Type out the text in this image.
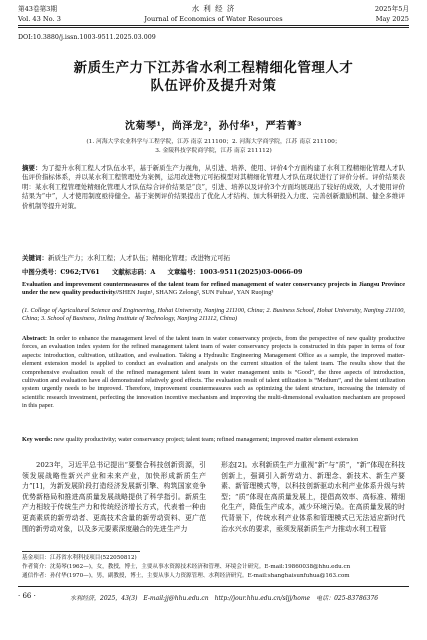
第43卷第3期	水 利 经 济	2025年5月
Vol. 43 No. 3	Journal of Economics of Water Resources	May 2025
DOI:10.3880/j.issn.1003-9511.2025.03.009
新质生产力下江苏省水利工程精细化管理人才
队伍评价及提升对策
沈菊琴¹，尚泽龙²，孙付华¹，严若菁³
(1. 河海大学农业科学与工程学院，江苏 南京 211100；2. 河海大学商学院，江苏 南京 211100；
3. 金陵科技学院商学院，江苏 南京 211112)
摘要：为了提升水利工程人才队伍水平，基于新质生产力视角，从引进、培养、使用、评价4个方面构建了水利工程精细化管理人才队伍评价指标体系，并以某水利工程管理处为案例，运用改进物元可拓模型对其精细化管理人才队伍现状进行了评价分析。评价结果表明：某水利工程管理处精细化管理人才队伍综合评价结果是“良”，引进、培养以及评价3个方面均展现出了较好的成效，人才使用评价结果为“中”，人才使用制度亟待健全。基于案例评价结果提出了优化人才结构、加大科研投入力度、完善创新激励机制、健全多维评价机制等提升对策。
关键词：新质生产力；水利工程；人才队伍；精细化管理；改进物元可拓
中图分类号：C962;TV61 文献标志码：A 文章编号：1003-9511(2025)03-0066-09
Evaluation and improvement countermeasures of the talent team for refined management of water conservancy projects in Jiangsu Province under the new quality productivity//SHEN Juqin¹, SHANG Zelong², SUN Fuhua¹, YAN Ruojing³
(1. College of Agricultural Science and Engineering, Hohai University, Nanjing 211100, China; 2. Business School, Hohai University, Nanjing 211100, China; 3. School of Business, Jinling Institute of Technology, Nanjing 211112, China)
Abstract: In order to enhance the management level of the talent team in water conservancy projects, from the perspective of new quality productive forces, an evaluation index system for the refined management talent team of water conservancy projects is constructed in this paper in terms of four aspects: introduction, cultivation, utilization, and evaluation. Taking a Hydraulic Engineering Management Office as a sample, the improved matter-element extension model is applied to conduct an evaluation and analysis on the current situation of the talent team. The results show that the comprehensive evaluation result of the refined management talent team in water management units is “Good”, the three aspects of introduction, cultivation and evaluation have all demonstrated relatively good effects. The evaluation result of talent utilization is “Medium”, and the talent utilization system urgently needs to be improved. Therefore, improvement countermeasures such as optimizing the talent structure, increasing the intensity of scientific research investment, perfecting the innovation incentive mechanism and improving the multi-dimensional evaluation mechanism are proposed in this paper.
Key words: new quality productivity; water conservancy project; talent team; refined management; improved matter element extension
2023年，习近平总书记提出“要整合科技创新资源，引领发展战略性新兴产业和未来产业，加快形成新质生产力”[1]，为新发展阶段打造经济发展新引擎、构筑国家竞争优势新格局和推进高质量发展战略提供了科学指引。新质生产力相较于传统生产力和传统经济增长方式，代表着一种由更高素质的新劳动者、更高技术含量的新劳动资料、更广范围的新劳动对象，以及多元要素深度融合的先进生产力
形态[2]。水利新质生产力重视“新”与“质”，“新”体现在科技创新上，强调引入新劳动力、新理念、新技术、新生产要素、新管理模式等，以科技创新驱动水利产业体系升级与转型；“质”体现在高质量发展上，提倡高效率、高标准、精细化生产，降低生产成本，减少环境污染。在高质量发展的时代背景下，传统水利产业体系和管理模式已无法适应新时代治水兴水的要求，亟须发展新质生产力推动水利工程管
基金项目：江苏省水利科技项目(522050812)
作者简介：沈菊琴(1962—)，女，教授，博士，主要从事水资源技术经济和管理、环境会计研究。E-mail:19860038@hhu.edu.cn
通信作者：孙付华(1970—)，男，副教授，博士，主要从事人力资源管理、水利经济研究。E-mail:shanghaisunfuhua@163.com
· 66 ·	水利经济，2025，43(3)　E-mail:jj@hhu.edu.cn　http://jour.hhu.edu.cn/sljj/home　电话：025-83786376
